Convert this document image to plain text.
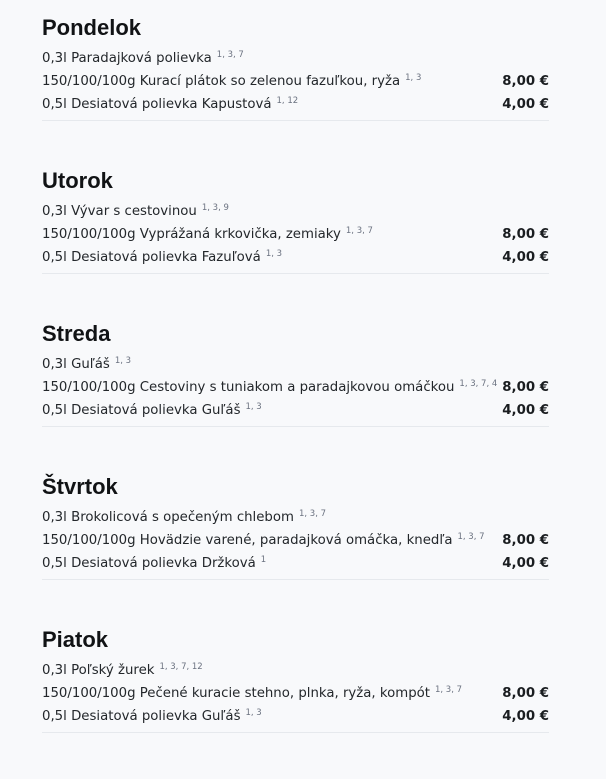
Pondelok
0,3l Paradajková polievka $^{1, 3, 7}$
150/100/100g Kurací plátok so zelenou fazuľkou, ryža $^{1, 3}$	8,00 €
0,5l Desiatová polievka Kapustová $^{1, 12}$	4,00 €
Utorok
0,3l Vývar s cestovinou $^{1, 3, 9}$
150/100/100g Vyprážaná krkovička, zemiaky $^{1, 3, 7}$	8,00 €
0,5l Desiatová polievka Fazuľová $^{1, 3}$	4,00 €
Streda
0,3l Guľáš $^{1, 3}$
150/100/100g Cestoviny s tuniakom a paradajkovou omáčkou $^{1, 3, 7, 4}$ 8,00 €
0,5l Desiatová polievka Guľáš $^{1, 3}$	4,00 €
Štvrtok
0,3l Brokolicová s opečeným chlebom $^{1, 3, 7}$
150/100/100g Hovädzie varené, paradajková omáčka, knedľa $^{1, 3, 7}$ 8,00 €
0,5l Desiatová polievka Držková $^1$	4,00 €
Piatok
0,3l Poľský žurek $^{1, 3, 7, 12}$
150/100/100g Pečené kuracie stehno, plnka, ryža, kompót $^{1, 3, 7}$	8,00 €
0,5l Desiatová polievka Guľáš $^{1, 3}$	4,00 €
